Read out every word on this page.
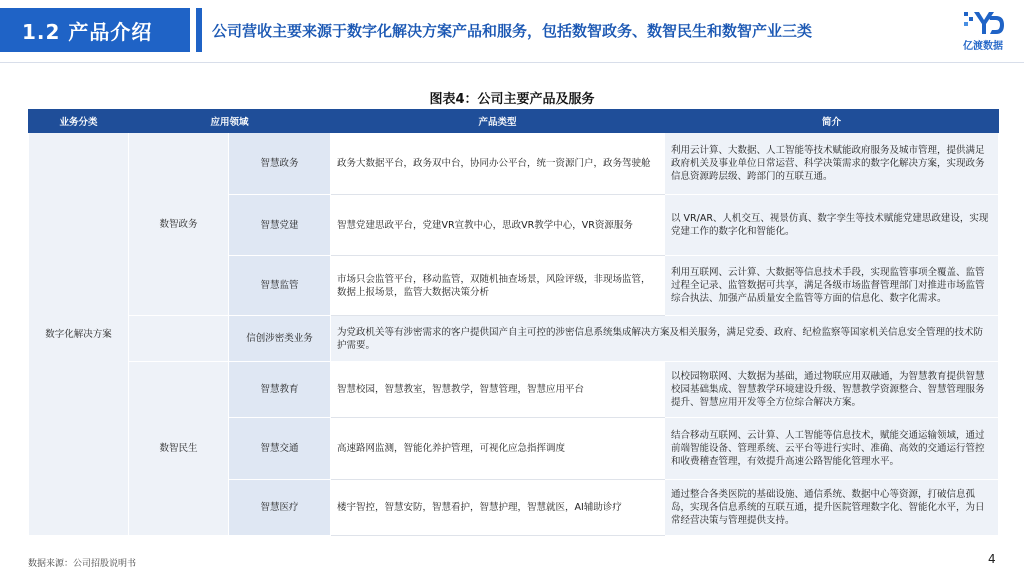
1.2 产品介绍	公司营收主要来源于数字化解决方案产品和服务，包括数智政务、数智民生和数智产业三类
亿渡数据
图表4：公司主要产品及服务
业务分类	应用领域		产品类型	简介
数字化解决方案	数智政务	智慧政务	政务大数据平台，政务双中台，协同办公平台，统一资源门户，政务驾驶舱	利用云计算、大数据、人工智能等技术赋能政府服务及城市管理，提供满足政府机关及事业单位日常运营、科学决策需求的数字化解决方案，实现政务信息资源跨层级、跨部门的互联互通。
		智慧党建	智慧党建思政平台，党建VR宣教中心，思政VR教学中心，VR资源服务	以 VR/AR、人机交互、视景仿真、数字孪生等技术赋能党建思政建设，实现党建工作的数字化和智能化。
		智慧监管	市场只会监管平台，移动监管，双随机抽查场景，风险评级，非现场监管，数据上报场景，监管大数据决策分析	利用互联网、云计算、大数据等信息技术手段，实现监管事项全覆盖、监管过程全记录、监管数据可共享，满足各级市场监督管理部门对推进市场监管综合执法、加强产品质量安全监管等方面的信息化、数字化需求。
		信创涉密类业务	为党政机关等有涉密需求的客户提供国产自主可控的涉密信息系统集成解决方案及相关服务，满足党委、政府、纪检监察等国家机关信息安全管理的技术防护需要。	
	数智民生	智慧教育	智慧校园，智慧教室，智慧教学，智慧管理，智慧应用平台	以校园物联网、大数据为基础，通过物联应用双融通，为智慧教育提供智慧校园基础集成、智慧教学环境建设升级、智慧教学资源整合、智慧管理服务提升、智慧应用开发等全方位综合解决方案。
		智慧交通	高速路网监测，智能化养护管理，可视化应急指挥调度	结合移动互联网、云计算、人工智能等信息技术，赋能交通运输领域，通过前端智能设备、管理系统、云平台等进行实时、准确、高效的交通运行管控和收费稽查管理，有效提升高速公路智能化管理水平。
		智慧医疗	楼宇智控，智慧安防，智慧看护，智慧护理，智慧就医，AI辅助诊疗	通过整合各类医院的基础设施、通信系统、数据中心等资源，打破信息孤岛，实现各信息系统的互联互通，提升医院管理数字化、智能化水平，为日常经营决策与管理提供支持。
数据来源：公司招股说明书	4
